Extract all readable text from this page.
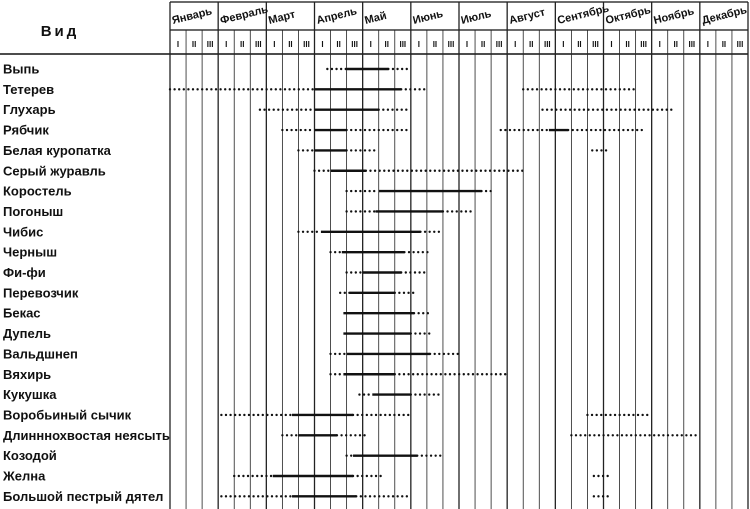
Вид
Январь Февраль
Март Апрель Май Июнь Июль Август Сентябрь
Октябрь Ноябрь Декабрь
I II III I II III I II III I II III I II III I II III I II III I II III I II III I II III I II III I II III
Выпь
Тетерев
Глухарь
Рябчик
Белая куропатка
Серый журавль
Коростель
Погоныш
Чибис
Черныш
Фи-фи
Перевозчик
Бекас
Дупель
Вальдшнеп
Вяхирь
Кукушка
Воробьиный сычик
Длинннохвостая неясыть
Козодой
Желна
Большой пестрый дятел
